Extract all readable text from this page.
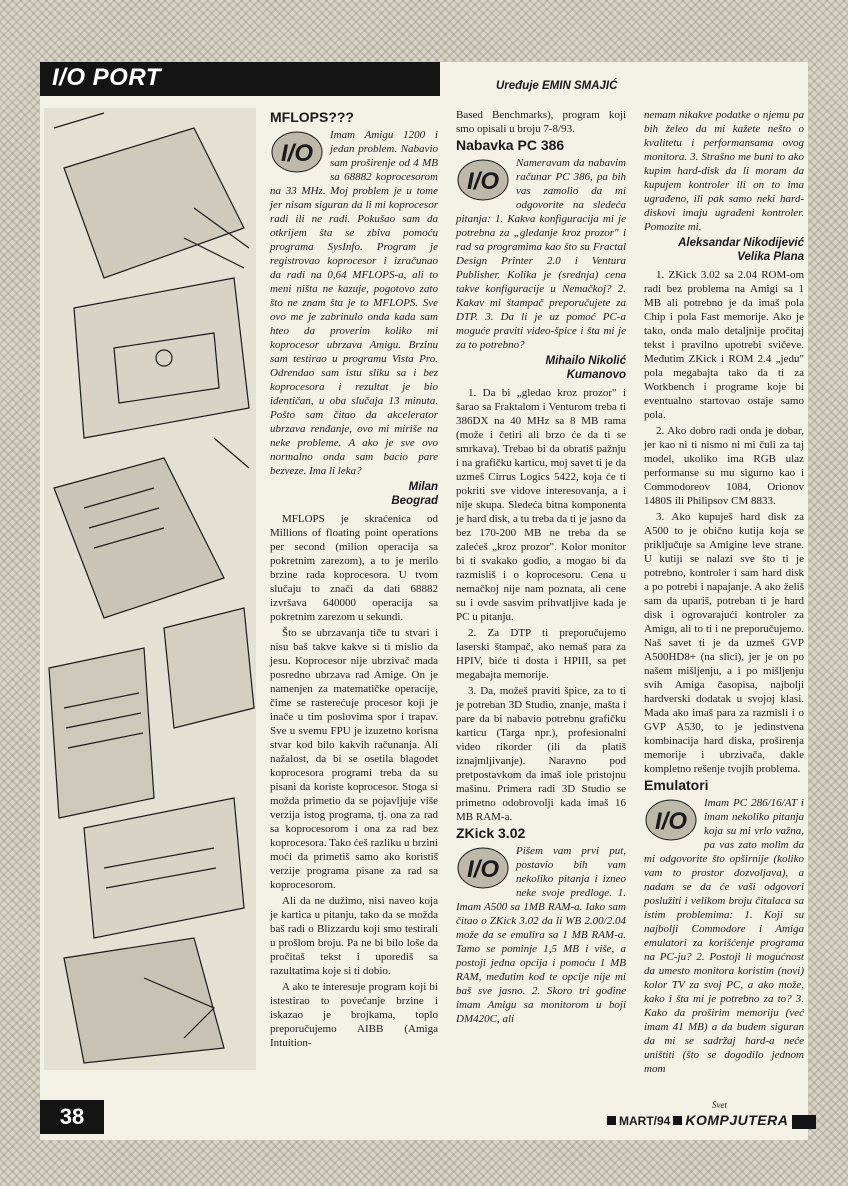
I/O PORT	Uređuje EMIN SMAJIĆ
MFLOPS???

I/O
Imam Amigu 1200 i jedan problem. Nabavio sam proširenje od 4 MB sa 68882 koprocesorom na 33 MHz. Moj problem je u tome jer nisam siguran da li mi koprocesor radi ili ne radi. Pokušao sam da otkrijem šta se zbiva pomoću programa SysInfo. Program je registrovao koprocesor i izračunao da radi na 0,64 MFLOPS-a, ali to meni ništa ne kazuje, pogotovo zato što ne znam šta je to MFLOPS. Sve ovo me je zabrinulo onda kada sam hteo da proverim koliko mi koprocesor ubrzava Amigu. Brzinu sam testirao u programu Vista Pro. Odrendao sam istu sliku sa i bez koprocesora i rezultat je bio identičan, u oba slučaja 13 minuta. Pošto sam čitao da akcelerator ubrzava renđanje, ovo mi miriše na neke probleme. A ako je sve ovo normalno onda sam bacio pare bezveze. Ima li leka?

Milan
Beograd

MFLOPS je skraćenica od Millions of floating point operations per second (milion operacija sa pokretnim zarezom), a to je merilo brzine rada koprocesora. U tvom slučaju to znači da dati 68882 izvršava 640000 operacija sa pokretnim zarezom u sekundi.

Što se ubrzavanja tiče tu stvari i nisu baš takve kakve si ti mislio da jesu. Koprocesor nije ubrzivač mada posredno ubrzava rad Amige. On je namenjen za matematičke operacije, čime se rasterećuje procesor koji je inače u tim poslovima spor i trapav. Sve u svemu FPU je izuzetno korisna stvar kod bilo kakvih računanja. Ali nažalost, da bi se osetila blagodet koprocesora programi treba da su pisani da koriste koprocesor. Stoga si možda primetio da se pojavljuje više verzija istog programa, tj. ona za rad sa koprocesorom i ona za rad bez koprocesora. Tako ćeš razliku u brzini moći da primetiš samo ako koristiš verzije programa pisane za rad sa koprocesorom.

Ali da ne dužimo, nisi naveo koja je kartica u pitanju, tako da se možda baš radi o Blizzardu koji smo testirali u prošlom broju. Pa ne bi bilo loše da pročitaš tekst i uporediš sa razultatima koje si ti dobio.

A ako te interesuje program koji bi istestirao to povećanje brzine i iskazao je brojkama, toplo preporučujemo AIBB (Amiga Intuition-

Based Benchmarks), program koji smo opisali u broju 7-8/93.

Nabavka PC 386

I/O
Nameravam da nabavim računar PC 386, pa bih vas zamolio da mi odgovorite na sledeća pitanja: 1. Kakva konfiguracija mi je potrebna za „gledanje kroz prozor" i rad sa programima kao što su Fractal Design Printer 2.0 i Ventura Publisher. Kolika je (srednja) cena takve konfiguracije u Nemačkoj? 2. Kakav mi štampač preporučujete za DTP. 3. Da li je uz pomoć PC-a moguće praviti video-špice i šta mi je za to potrebno?

Mihailo Nikolić
Kumanovo

1. Da bi „gledao kroz prozor" i šarao sa Fraktalom i Venturom treba ti 386DX na 40 MHz sa 8 MB rama (može i četiri ali brzo će da ti se smrkava). Trebao bi da obratiš pažnju i na grafičku karticu, moj savet ti je da uzmeš Cirrus Logics 5422, koja će ti pokriti sve vidove interesovanja, a i nije skupa. Sledeća bitna komponenta je hard disk, a tu treba da ti je jasno da bez 170-200 MB ne treba da se zalećeš „kroz prozor". Kolor monitor bi ti svakako godio, a mogao bi da razmisliš i o koprocesoru. Cena u nemačkoj nije nam poznata, ali cene su i ovde sasvim prihvatljive kada je PC u pitanju.

2. Za DTP ti preporučujemo laserski štampač, ako nemaš para za HPIV, biće ti dosta i HPIII, sa pet megabajta memorije.

3. Da, možeš praviti špice, za to ti je potreban 3D Studio, znanje, mašta i pare da bi nabavio potrebnu grafičku karticu (Targa npr.), profesionalni video rikorder (ili da platiš iznajmljivanje). Naravno pod pretpostavkom da imaš iole pristojnu mašinu. Primera radi 3D Studio se primetno odobrovolji kada imaš 16 MB RAM-a.

ZKick 3.02

I/O
Pišem vam prvi put, postavio bih vam nekoliko pitanja i izneo neke svoje predloge. 1. Imam A500 sa 1MB RAM-a. Iako sam čitao o ZKick 3.02 da li WB 2.00/2.04 može da se emulira sa 1 MB RAM-a. Tamo se pominje 1,5 MB i više, a postoji jedna opcija i pomoću 1 MB RAM, međutim kod te opcije nije mi baš sve jasno. 2. Skoro tri godine imam Amigu sa monitorom u boji DM420C, ali

nemam nikakve podatke o njemu pa bih želeo da mi kažete nešto o kvalitetu i performansama ovog monitora. 3. Strašno me buni to ako kupim hard-disk da li moram da kupujem kontroler ili on to ima ugrađeno, ili pak samo neki hard-diskovi imaju ugrađeni kontroler. Pomozite mi.

Aleksandar Nikodijević
Velika Plana

1. ZKick 3.02 sa 2.04 ROM-om radi bez problema na Amigi sa 1 MB ali potrebno je da imaš pola Chip i pola Fast memorije. Ako je tako, onda malo detaljnije pročitaj tekst i pravilno upotrebi svičeve. Međutim ZKick i ROM 2.4 „jedu" pola megabajta tako da ti za Workbench i programe koje bi eventualno startovao ostaje samo pola.

2. Ako dobro radi onda je dobar, jer kao ni ti nismo ni mi čuli za taj model, ukoliko ima RGB ulaz performanse su mu sigurno kao i Commodoreov 1084, Orionov 1480S ili Philipsov CM 8833.

3. Ako kupuješ hard disk za A500 to je obično kutija koja se priključuje sa Amigine leve strane. U kutiji se nalazi sve što ti je potrebno, kontroler i sam hard disk a po potrebi i napajanje. A ako želiš sam da upariš, potreban ti je hard disk i ogrovarajući kontroler za Amigu, ali to ti i ne preporučujemo. Naš savet ti je da uzmeš GVP A500HD8+ (na slici), jer je on po našem mišljenju, a i po mišljenju svih Amiga časopisa, najbolji hardverski dodatak u svojoj klasi. Mada ako imaš para za razmisli i o GVP A530, to je jedinstvena kombinacija hard diska, proširenja memorije i ubrzivača, dakle kompletno rešenje tvojih problema.

Emulatori

I/O
Imam PC 286/16/AT i imam nekoliko pitanja koja su mi vrlo važna, pa vas zato molim da mi odgovorite što opširnije (koliko vam to prostor dozvoljava), a nadam se da će vaši odgovori poslužiti i velikom broju čitalaca sa istim problemima: 1. Koji su najbolji Commodore i Amiga emulatori za korišćenje programa na PC-ju? 2. Postoji li mogućnost da umesto monitora koristim (novi) kolor TV za svoj PC, a ako može, kako i šta mi je potrebno za to? 3. Kako da proširim memoriju (već imam 41 MB) a da budem siguran da mi se sadržaj hard-a neće uništiti (što se dogodilo jednom mom

38	MART/94 KOMPJUTERA
Svet
